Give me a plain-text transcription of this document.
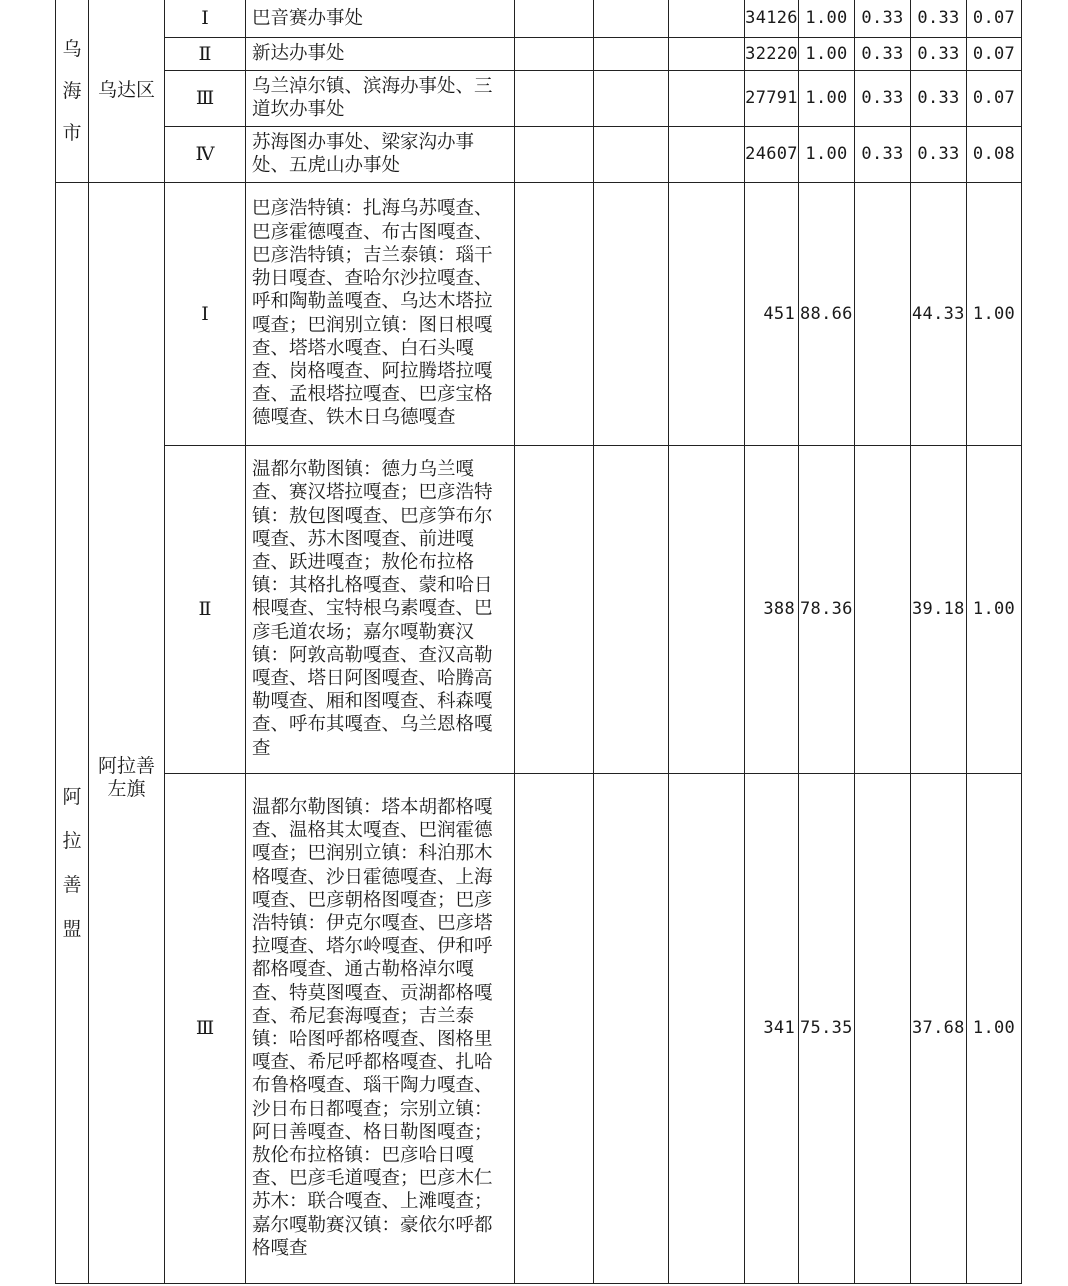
乌海市	乌达区	Ⅰ	巴音赛办事处				34126	1.00	0.33	0.33	0.07
		Ⅱ	新达办事处				32220	1.00	0.33	0.33	0.07
		Ⅲ	乌兰淖尔镇、滨海办事处、三道坎办事处				27791	1.00	0.33	0.33	0.07
		Ⅳ	苏海图办事处、梁家沟办事处、五虎山办事处				24607	1.00	0.33	0.33	0.08
阿拉善盟	阿拉善左旗	Ⅰ	巴彦浩特镇：扎海乌苏嘎查、巴彦霍德嘎查、布古图嘎查、巴彦浩特镇；吉兰泰镇：瑙干勃日嘎查、查哈尔沙拉嘎查、呼和陶勒盖嘎查、乌达木塔拉嘎查；巴润别立镇：图日根嘎查、塔塔水嘎查、白石头嘎查、岗格嘎查、阿拉腾塔拉嘎查、孟根塔拉嘎查、巴彦宝格德嘎查、铁木日乌德嘎查				451	88.66		44.33	1.00
		Ⅱ	温都尔勒图镇：德力乌兰嘎查、赛汉塔拉嘎查；巴彦浩特镇：敖包图嘎查、巴彦笋布尔嘎查、苏木图嘎查、前进嘎查、跃进嘎查；敖伦布拉格镇：其格扎格嘎查、蒙和哈日根嘎查、宝特根乌素嘎查、巴彦毛道农场；嘉尔嘎勒赛汉镇：阿敦高勒嘎查、查汉高勒嘎查、塔日阿图嘎查、哈腾高勒嘎查、厢和图嘎查、科森嘎查、呼布其嘎查、乌兰恩格嘎查				388	78.36		39.18	1.00
		Ⅲ	温都尔勒图镇：塔本胡都格嘎查、温格其太嘎查、巴润霍德嘎查；巴润别立镇：科泊那木格嘎查、沙日霍德嘎查、上海嘎查、巴彦朝格图嘎查；巴彦浩特镇：伊克尔嘎查、巴彦塔拉嘎查、塔尔岭嘎查、伊和呼都格嘎查、通古勒格淖尔嘎查、特莫图嘎查、贡湖都格嘎查、希尼套海嘎查；吉兰泰镇：哈图呼都格嘎查、图格里嘎查、希尼呼都格嘎查、扎哈布鲁格嘎查、瑙干陶力嘎查、沙日布日都嘎查；宗别立镇：阿日善嘎查、格日勒图嘎查；敖伦布拉格镇：巴彦哈日嘎查、巴彦毛道嘎查；巴彦木仁苏木：联合嘎查、上滩嘎查；嘉尔嘎勒赛汉镇：豪依尔呼都格嘎查				341	75.35		37.68	1.00
